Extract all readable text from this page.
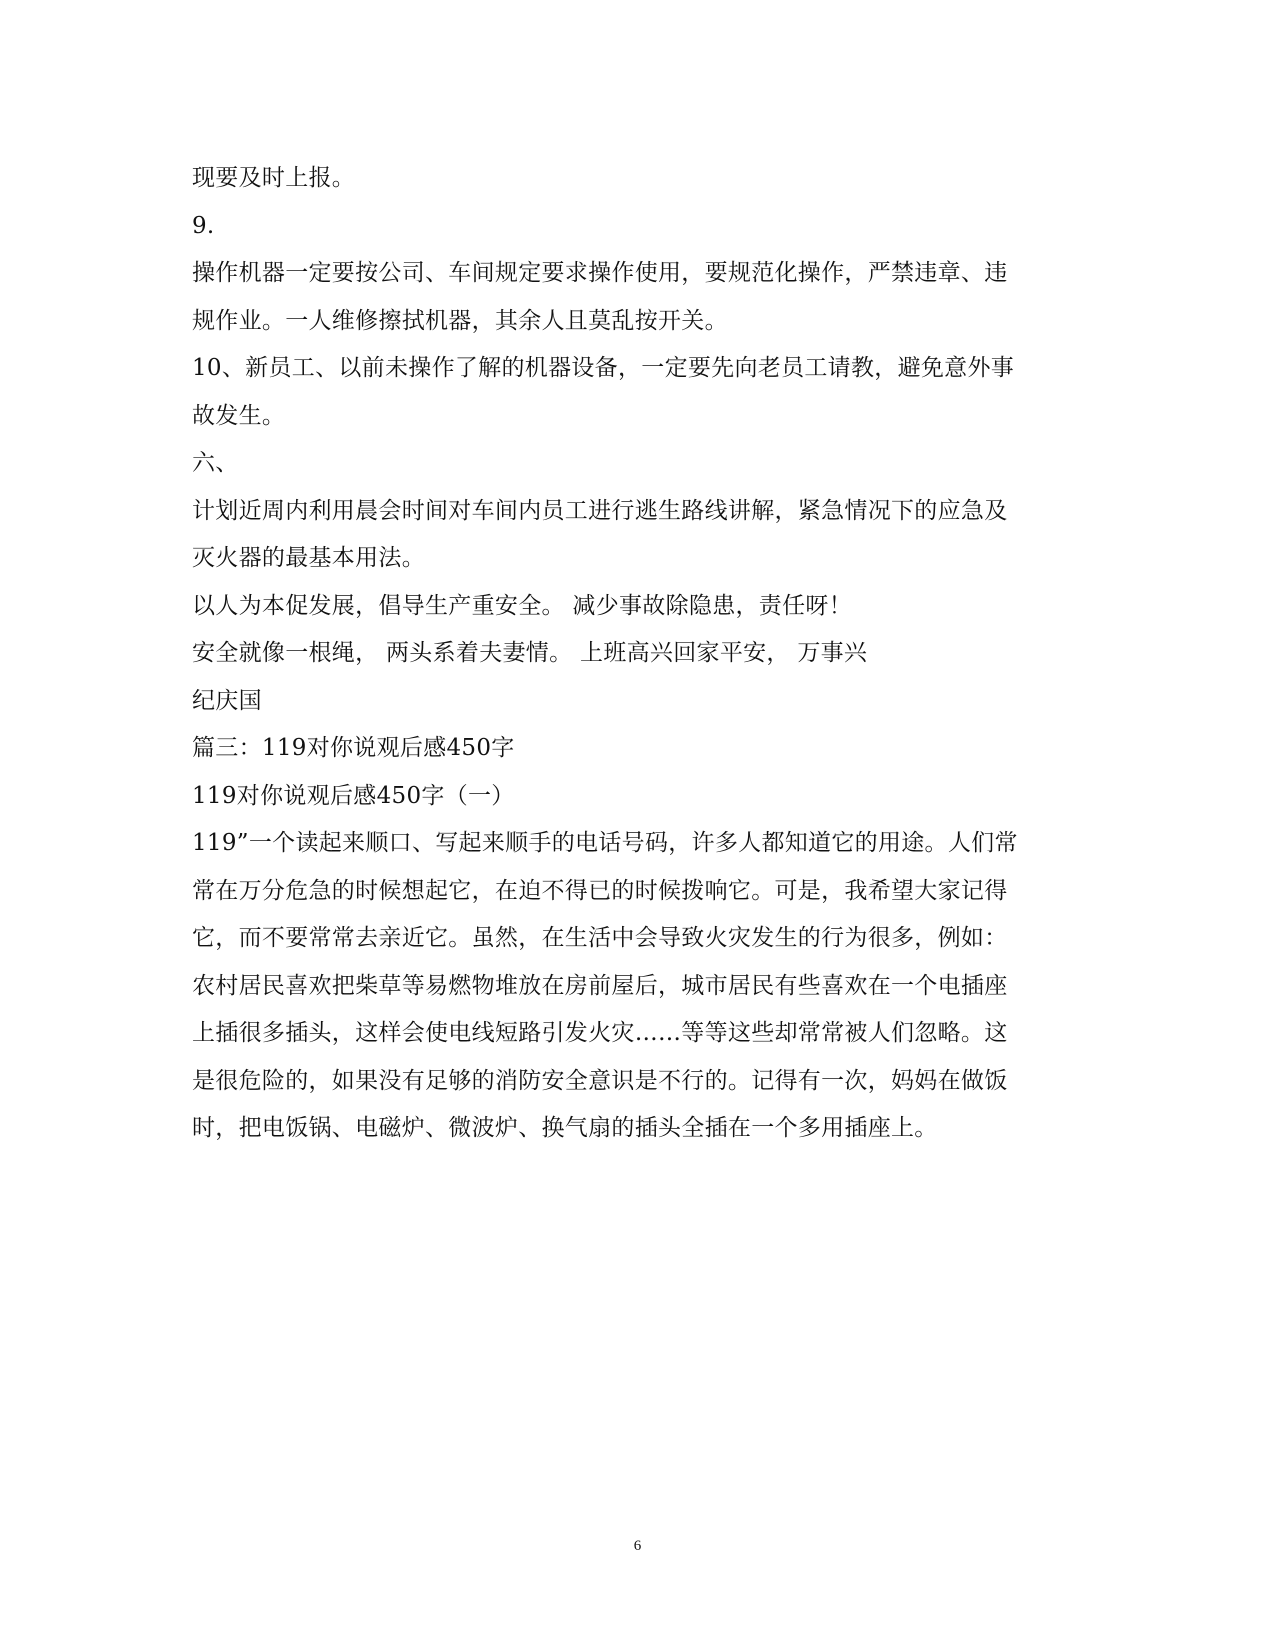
现要及时上报。
9.
操作机器一定要按公司、车间规定要求操作使用，要规范化操作，严禁违章、违
规作业。一人维修擦拭机器，其余人且莫乱按开关。
10、新员工、以前未操作了解的机器设备，一定要先向老员工请教，避免意外事
故发生。
六、
计划近周内利用晨会时间对车间内员工进行逃生路线讲解，紧急情况下的应急及
灭火器的最基本用法。
以人为本促发展，倡导生产重安全。 减少事故除隐患，责任呀！
安全就像一根绳， 两头系着夫妻情。 上班高兴回家平安， 万事兴
纪庆国
篇三：119对你说观后感450字
119对你说观后感450字（一）
119”一个读起来顺口、写起来顺手的电话号码，许多人都知道它的用途。人们常
常在万分危急的时候想起它，在迫不得已的时候拨响它。可是，我希望大家记得
它，而不要常常去亲近它。虽然，在生活中会导致火灾发生的行为很多，例如：
农村居民喜欢把柴草等易燃物堆放在房前屋后，城市居民有些喜欢在一个电插座
上插很多插头，这样会使电线短路引发火灾……等等这些却常常被人们忽略。这
是很危险的，如果没有足够的消防安全意识是不行的。记得有一次，妈妈在做饭
时，把电饭锅、电磁炉、微波炉、换气扇的插头全插在一个多用插座上。
6
